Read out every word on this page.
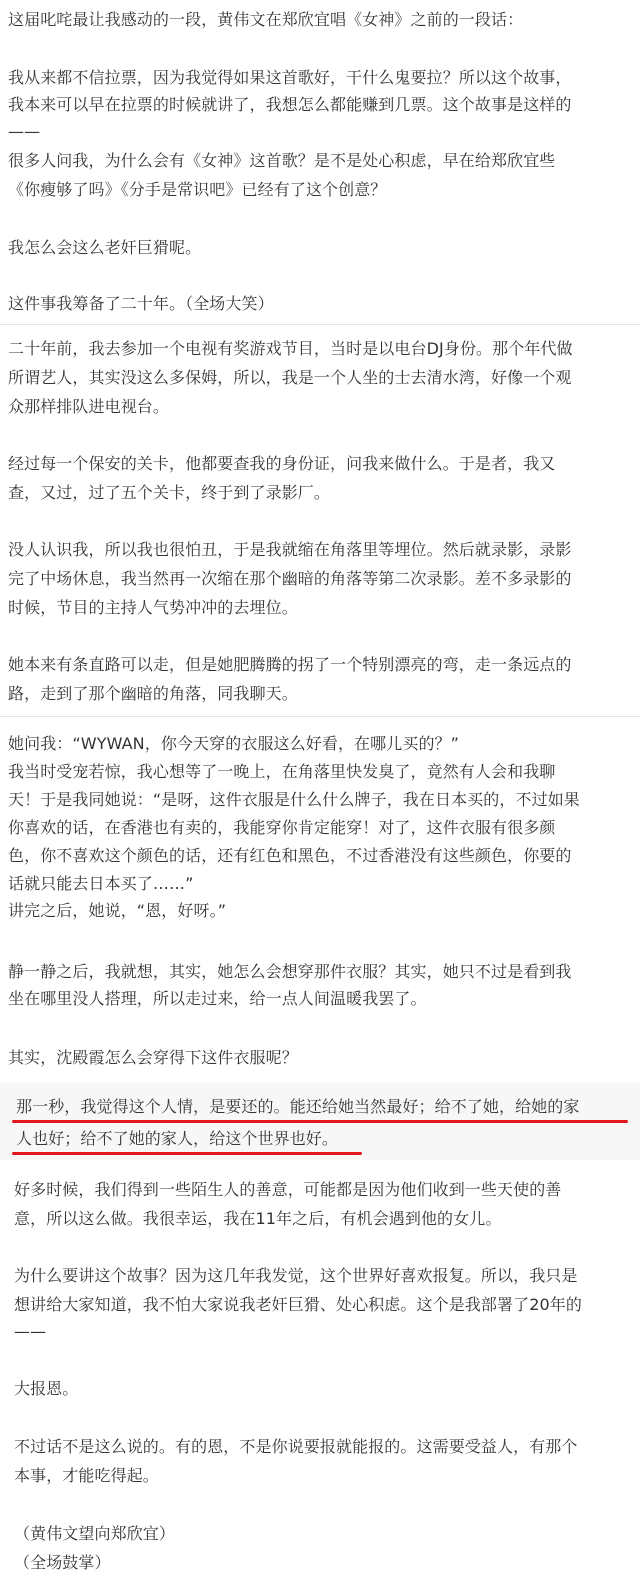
这届叱咤最让我感动的一段，黄伟文在郑欣宜唱《女神》之前的一段话：
我从来都不信拉票，因为我觉得如果这首歌好，干什么鬼要拉？所以这个故事，
我本来可以早在拉票的时候就讲了，我想怎么都能赚到几票。这个故事是这样的
——
很多人问我，为什么会有《女神》这首歌？是不是处心积虑，早在给郑欣宜些
《你瘦够了吗》《分手是常识吧》已经有了这个创意？
我怎么会这么老奸巨猾呢。
这件事我筹备了二十年。（全场大笑）
二十年前，我去参加一个电视有奖游戏节目，当时是以电台DJ身份。那个年代做
所谓艺人，其实没这么多保姆，所以，我是一个人坐的士去清水湾，好像一个观
众那样排队进电视台。
经过每一个保安的关卡，他都要查我的身份证，问我来做什么。于是者，我又
查，又过，过了五个关卡，终于到了录影厂。
没人认识我，所以我也很怕丑，于是我就缩在角落里等埋位。然后就录影，录影
完了中场休息，我当然再一次缩在那个幽暗的角落等第二次录影。差不多录影的
时候，节目的主持人气势冲冲的去埋位。
她本来有条直路可以走，但是她肥腾腾的拐了一个特别漂亮的弯，走一条远点的
路，走到了那个幽暗的角落，同我聊天。
她问我：“WYWAN，你今天穿的衣服这么好看，在哪儿买的？”
我当时受宠若惊，我心想等了一晚上，在角落里快发臭了，竟然有人会和我聊
天！于是我同她说：“是呀，这件衣服是什么什么牌子，我在日本买的，不过如果
你喜欢的话，在香港也有卖的，我能穿你肯定能穿！对了，这件衣服有很多颜
色，你不喜欢这个颜色的话，还有红色和黑色，不过香港没有这些颜色，你要的
话就只能去日本买了……”
讲完之后，她说，“恩，好呀。”
静一静之后，我就想，其实，她怎么会想穿那件衣服？其实，她只不过是看到我
坐在哪里没人搭理，所以走过来，给一点人间温暖我罢了。
其实，沈殿霞怎么会穿得下这件衣服呢？
那一秒，我觉得这个人情，是要还的。能还给她当然最好；给不了她，给她的家
人也好；给不了她的家人，给这个世界也好。
好多时候，我们得到一些陌生人的善意，可能都是因为他们收到一些天使的善
意，所以这么做。我很幸运，我在11年之后，有机会遇到他的女儿。
为什么要讲这个故事？因为这几年我发觉，这个世界好喜欢报复。所以，我只是
想讲给大家知道，我不怕大家说我老奸巨猾、处心积虑。这个是我部署了20年的
——
大报恩。
不过话不是这么说的。有的恩，不是你说要报就能报的。这需要受益人，有那个
本事，才能吃得起。
（黄伟文望向郑欣宜）
（全场鼓掌）
